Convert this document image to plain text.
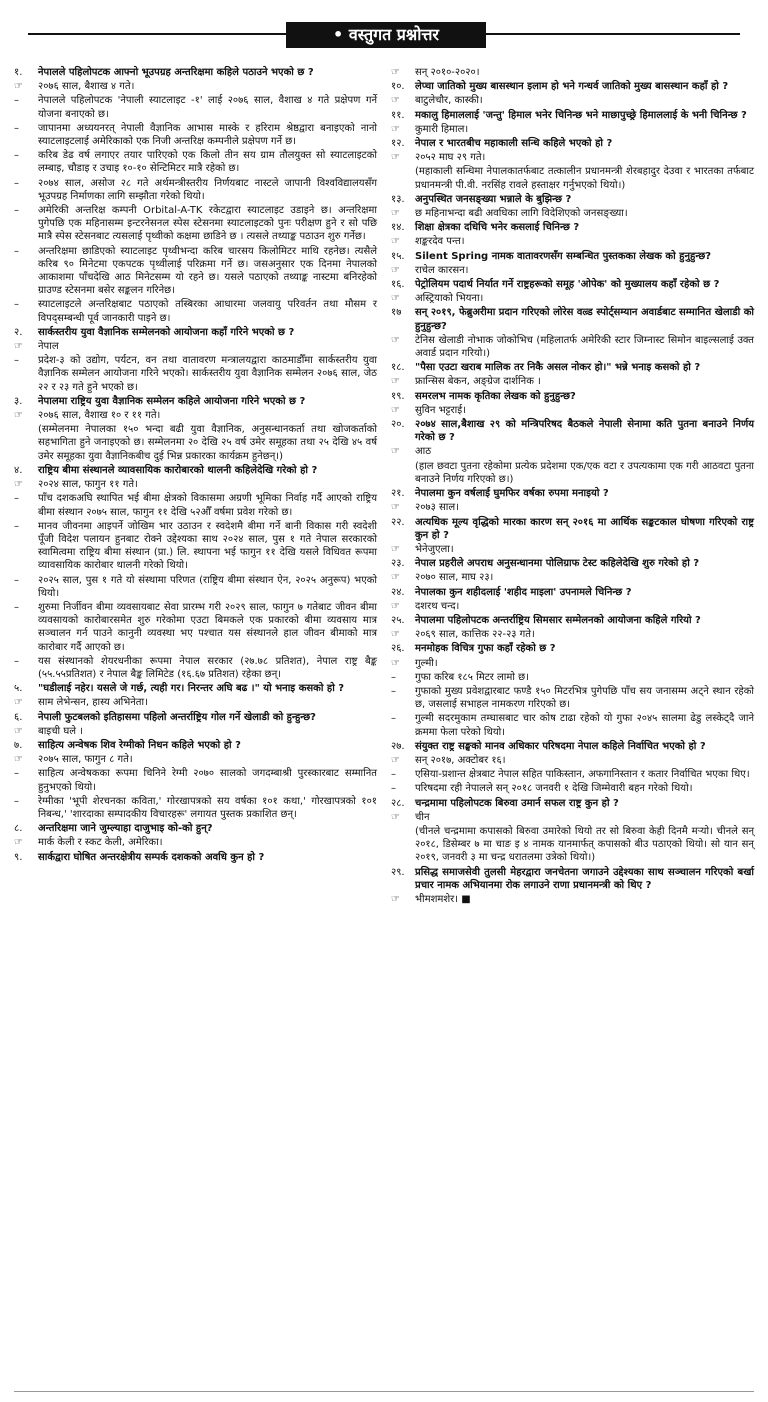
• वस्तुगत प्रश्नोत्तर
१.	नेपालले पहिलोपटक आफ्नो भूउपग्रह अन्तरिक्षमा कहिले पठाउने भएको छ ?
☞	२०७६ साल, बैशाख ४ गते।
–	नेपालले पहिलोपटक 'नेपाली स्याटलाइट -१' लाई २०७६ साल, वैशाख ४ गते प्रक्षेपण गर्ने योजना बनाएको छ।
–	जापानमा अध्ययनरत् नेपाली वैज्ञानिक आभास मास्के र हरिराम श्रेष्ठद्वारा बनाइएको नानो स्याटलाइटलाई अमेरिकाको एक निजी अन्तरिक्ष कम्पनीले प्रक्षेपण गर्ने छ।
–	करिब डेढ वर्ष लगाएर तयार पारिएको एक किलो तीन सय ग्राम तौलयुक्त सो स्याटलाइटको लम्बाइ, चौडाइ र उचाइ १०-१० सेन्टिमिटर मात्रै रहेको छ।
–	२०७४ साल, असोज २८ गते अर्थमन्त्रीस्तरीय निर्णयबाट नास्टले जापानी विश्वविद्यालयसँग भूउपग्रह निर्माणका लागि सम्झौता गरेको थियो।
–	अमेरिकी अन्तरिक्ष कम्पनी Orbital-A-TK रकेटद्वारा स्याटलाइट उडाइने छ। अन्तरिक्षमा पुगेपछि एक महिनासम्म इन्टरनेसनल स्पेस स्टेसनमा स्याटलाइटको पुनः परीक्षण हुने र सो पछि मात्रै स्पेस स्टेसनबाट त्यसलाई पृथ्वीको कक्षमा छाडिने छ । त्यसले तथ्याङ्क पठाउन शुरु गर्नेछ।
–	अन्तरिक्षमा छाडिएको स्याटलाइट पृथ्वीभन्दा करिब चारसय किलोमिटर माथि रहनेछ। त्यसैले करिब ९० मिनेटमा एकपटक पृथ्वीलाई परिक्रमा गर्ने छ। जसअनुसार एक दिनमा नेपालको आकाशमा पाँचदेखि आठ मिनेटसम्म यो रहने छ। यसले पठाएको तथ्याङ्क नास्टमा बनिरहेको ग्राउण्ड स्टेसनमा बसेर सङ्कलन गरिनेछ।
–	स्याटलाइटले अन्तरिक्षबाट पठाएको तस्बिरका आधारमा जलवायु परिवर्तन तथा मौसम र विपद्सम्बन्धी पूर्व जानकारी पाइने छ।
२.	सार्कस्तरीय युवा वैज्ञानिक सम्मेलनको आयोजना कहाँ गरिने भएको छ ?
☞	नेपाल
–	प्रदेश-३ को उद्योग, पर्यटन, वन तथा वातावरण मन्त्रालयद्वारा काठमाडौँमा सार्कस्तरीय युवा वैज्ञानिक सम्मेलन आयोजना गरिने भएको। सार्कस्तरीय युवा वैज्ञानिक सम्मेलन २०७६ साल, जेठ २२ र २३ गते हुने भएको छ।
३.	नेपालमा राष्ट्रिय युवा वैज्ञानिक सम्मेलन कहिले आयोजना गरिने भएको छ ?
☞	२०७६ साल, वैशाख १० र ११ गते।
(सम्मेलनमा नेपालका १५० भन्दा बढी युवा वैज्ञानिक, अनुसन्धानकर्ता तथा खोजकर्ताको सहभागिता हुने जनाइएको छ। सम्मेलनमा २० देखि २५ वर्ष उमेर समूहका तथा २५ देखि ४५ वर्ष उमेर समूहका युवा वैज्ञानिकबीच दुई भिन्न प्रकारका कार्यक्रम हुनेछन्।)
४.	राष्ट्रिय बीमा संस्थानले व्यावसायिक कारोबारको थालनी कहिलेदेखि गरेको हो ?
☞	२०२४ साल, फागुन ११ गते।
–	पाँच दशकअघि स्थापित भई बीमा क्षेत्रको विकासमा अग्रणी भूमिका निर्वाह गर्दै आएको राष्ट्रिय बीमा संस्थान २०७५ साल, फागुन ११ देखि ५२औँ वर्षमा प्रवेश गरेको छ।
–	मानव जीवनमा आइपर्ने जोखिम भार उठाउन र स्वदेशमै बीमा गर्ने बानी विकास गरी स्वदेशी पूँजी विदेश पलायन हुनबाट रोक्ने उद्देश्यका साथ २०२४ साल, पुस १ गते नेपाल सरकारको स्वामित्वमा राष्ट्रिय बीमा संस्थान (प्रा.) लि. स्थापना भई फागुन ११ देखि यसले विधिवत रूपमा व्यावसायिक कारोबार थालनी गरेको थियो।
–	२०२५ साल, पुस १ गते यो संस्थामा परिणत (राष्ट्रिय बीमा संस्थान ऐन, २०२५ अनुरूप) भएको थियो।
–	शुरुमा निर्जीवन बीमा व्यवसायबाट सेवा प्रारम्भ गरी २०२९ साल, फागुन ७ गतेबाट जीवन बीमा व्यवसायको कारोबारसमेत शुरु गरेकोमा एउटा बिमकले एक प्रकारको बीमा व्यवसाय मात्र सञ्चालन गर्न पाउने कानुनी व्यवस्था भए पश्चात यस संस्थानले हाल जीवन बीमाको मात्र कारोबार गर्दै आएको छ।
–	यस संस्थानको शेयरधनीका रूपमा नेपाल सरकार (२७.७८ प्रतिशत), नेपाल राष्ट्र बैङ्क (५५.५५प्रतिशत) र नेपाल बैङ्क लिमिटेड (१६.६७ प्रतिशत) रहेका छन्।
५.	"घडीलाई नहेर। यसले जे गर्छ, त्यही गर। निरन्तर अघि बढ ।" यो भनाइ कसको हो ?
☞	साम लेभेन्सन, हास्य अभिनेता।
६.	नेपाली फुटबलको इतिहासमा पहिलो अन्तर्राष्ट्रिय गोल गर्ने खेलाडी को हुन्हुन्छ?
☞	बाइची घले ।
७.	साहित्य अन्वेषक शिव रेग्मीको निधन कहिले भएको हो ?
☞	२०७५ साल, फागुन ८ गते।
–	साहित्य अन्वेषकका रूपमा चिनिने रेग्मी २०७० सालको जगदम्बाश्री पुरस्कारबाट सम्मानित हुनुभएको थियो।
–	रेग्मीका 'भूपी शेरचनका कविता,' गोरखापत्रको सय वर्षका १०१ कथा,' गोरखापत्रको १०१ निबन्ध,' 'शारदाका सम्पादकीय विचारहरू' लगायत पुस्तक प्रकाशित छन्।
८.	अन्तरिक्षमा जाने जुम्ल्याहा दाजुभाइ को-को हुन्?
☞	मार्क केली र स्कट केली, अमेरिका।
९.	सार्कद्वारा घोषित अन्तरक्षेत्रीय सम्पर्क दशकको अवधि कुन हो ?
☞	सन् २०१०-२०२०।
१०.	लेप्चा जातिको मुख्य बासस्थान इलाम हो भने गन्धर्व जातिको मुख्य बासस्थान कहाँ हो ?
☞	बाटुलेचौर, कास्की।
११.	मकालु हिमाललाई 'जन्तु' हिमाल भनेर चिनिन्छ भने माछापुच्छ्रे हिमाललाई के भनी चिनिन्छ ?
☞	कुमारी हिमाल।
१२.	नेपाल र भारतबीच महाकाली सन्धि कहिले भएको हो ?
☞	२०५२ माघ २९ गते।
(महाकाली सन्धिमा नेपालकातर्फबाट तत्कालीन प्रधानमन्त्री शेरबहादुर देउवा र भारतका तर्फबाट प्रधानमन्त्री पी.वी. नरसिंह रावले हस्ताक्षर गर्नुभएको थियो।)
१३.	अनुपस्थित जनसङ्ख्या भन्नाले के बुझिन्छ ?
☞	छ महिनाभन्दा बढी अवधिका लागि विदेशिएको जनसङ्ख्या।
१४.	शिक्षा क्षेत्रका दधिचि भनेर कसलाई चिनिन्छ ?
☞	शङ्करदेव पन्त।
१५.	Silent Spring नामक वातावरणसँग सम्बन्धित पुस्तकका लेखक को हुनुहुन्छ?
☞	राचेल कारसन।
१६.	पेट्रोलियम पदार्थ निर्यात गर्ने राष्ट्रहरूको समूह 'ओपेक' को मुख्यालय कहाँ रहेको छ ?
☞	अस्ट्रियाको भियना।
१७	सन् २०१९, फेब्रुअरीमा प्रदान गरिएको लोरेस वल्र्ड स्पोर्ट्सम्यान अवार्डबाट सम्मानित खेलाडी को हुनुहुन्छ?
☞	टेनिस खेलाडी नोभाक जोकोभिच (महिलातर्फ अमेरिकी स्टार जिम्नास्ट सिमोन बाइल्सलाई उक्त अवार्ड प्रदान गरियो।)
१८.	"पैसा एउटा खराब मालिक तर निकै असल नोकर हो।" भन्ने भनाइ कसको हो ?
☞	फ्रान्सिस बेकन, अङ्ग्रेज दार्शनिक ।
१९.	समरलभ नामक कृतिका लेखक को हुनुहुन्छ?
☞	सुविन भट्टराई।
२०.	२०७४ साल,बैशाख २९ को मन्त्रिपरिषद बैठकले नेपाली सेनामा कति पुतना बनाउने निर्णय गरेको छ ?
☞	आठ
(हाल छवटा पुतना रहेकोमा प्रत्येक प्रदेशमा एक/एक वटा र उपत्यकामा एक गरी आठवटा पुतना बनाउने निर्णय गरिएको छ।)
२१.	नेपालमा कुन वर्षलाई घुमफिर वर्षका रुपमा मनाइयो ?
☞	२०७३ साल।
२२.	अत्यधिक मूल्य वृद्धिको मारका कारण सन् २०१६ मा आर्थिक सङ्कटकाल घोषणा गरिएको राष्ट्र कुन हो ?
☞	भेनेजुएला।
२३.	नेपाल प्रहरीले अपराध अनुसन्धानमा पोलिग्राफ टेस्ट कहिलेदेखि शुरु गरेको हो ?
☞	२०७० साल, माघ २३।
२४.	नेपालका कुन शहीदलाई 'शहीद माइला' उपनामले चिनिन्छ ?
☞	दशरथ चन्द।
२५.	नेपालमा पहिलोपटक अन्तर्राष्ट्रिय सिमसार सम्मेलनको आयोजना कहिले गरियो ?
☞	२०६९ साल, कात्तिक २२-२३ गते।
२६.	मनमोहक विचित्र गुफा कहाँ रहेको छ ?
☞	गुल्मी।
–	गुफा करिब १८५ मिटर लामो छ।
–	गुफाको मुख्य प्रवेशद्वारबाट फण्डै १५० मिटरभित्र पुगेपछि पाँच सय जनासम्म अट्ने स्थान रहेको छ, जसलाई सभाहल नामकरण गरिएको छ।
–	गुल्मी सदरमुकाम तम्घासबाट चार कोष टाढा रहेको यो गुफा २०४५ सालमा ढेडु लस्केट्दै जाने क्रममा फेला परेको थियो।
२७.	संयुक्त राष्ट्र सङ्घको मानव अधिकार परिषदमा नेपाल कहिले निर्वाचित भएको हो ?
☞	सन् २०१७, अक्टोबर १६।
–	एसिया-प्रशान्त क्षेत्रबाट नेपाल सहित पाकिस्तान, अफगानिस्तान र कतार निर्वाचित भएका थिए।
–	परिषदमा रही नेपालले सन् २०१८ जनवरी १ देखि जिम्मेवारी बहन गरेको थियो।
२८.	चन्द्रमामा पहिलोपटक बिरुवा उमार्न सफल राष्ट्र कुन हो ?
☞	चीन
(चीनले चन्द्रमामा कपासको बिरुवा उमारेको थियो तर सो बिरुवा केही दिनमै मऱ्यो। चीनले सन् २०१८, डिसेम्बर ७ मा चाङ इ ४ नामक यानमार्फत् कपासको बीउ पठाएको थियो। सो यान सन् २०१९, जनवरी ३ मा चन्द्र धरातलमा उत्रेको थियो।)
२९.	प्रसिद्ध समाजसेवी तुलसी मेहरद्वारा जनचेतना जगाउने उद्देश्यका साथ सञ्चालन गरिएको बर्खा प्रचार नामक अभियानमा रोक लगाउने राणा प्रधानमन्त्री को थिए ?
☞	भीमशमशेर। ■
